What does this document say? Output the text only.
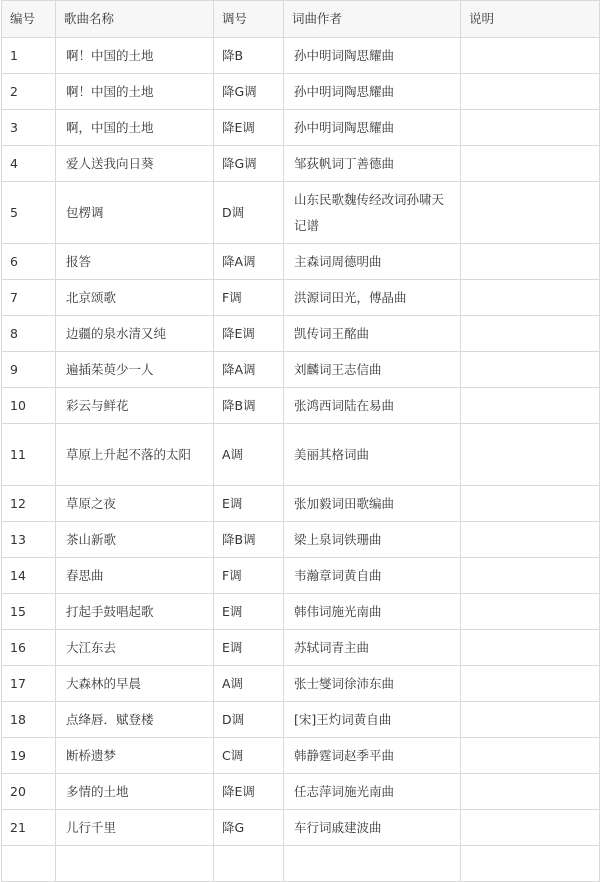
编号	歌曲名称	调号	词曲作者	说明
1	啊！中国的土地	降B	孙中明词陶思耀曲	
2	啊！中国的土地	降G调	孙中明词陶思耀曲	
3	啊，中国的土地	降E调	孙中明词陶思耀曲	
4	爱人送我向日葵	降G调	邹荻帆词丁善德曲	
5	包楞调	D调	山东民歌魏传经改词孙啸天记谱	
6	报答	降A调	主森词周德明曲	
7	北京颂歌	F调	洪源词田光，傅晶曲	
8	边疆的泉水清又纯	降E调	凯传词王酩曲	
9	遍插茱萸少一人	降A调	刘麟词王志信曲	
10	彩云与鲜花	降B调	张鸿西词陆在易曲	
11	草原上升起不落的太阳	A调	美丽其格词曲	
12	草原之夜	E调	张加毅词田歌编曲	
13	茶山新歌	降B调	梁上泉词铁珊曲	
14	春思曲	F调	韦瀚章词黄自曲	
15	打起手鼓唱起歌	E调	韩伟词施光南曲	
16	大江东去	E调	苏轼词青主曲	
17	大森林的早晨	A调	张士燮词徐沛东曲	
18	点绛唇．赋登楼	D调	[宋]王灼词黄自曲	
19	断桥遗梦	C调	韩静霆词赵季平曲	
20	多情的土地	降E调	任志萍词施光南曲	
21	儿行千里	降G	车行词戚建波曲	
